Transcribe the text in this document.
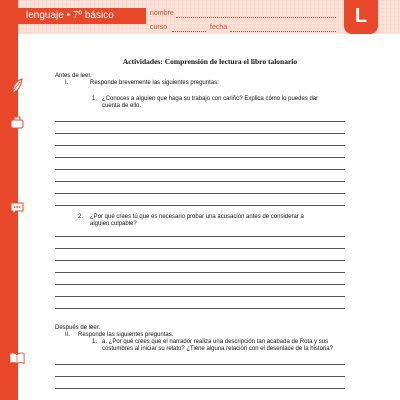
lenguaje • 7º básico	nombre
curso	fecha
L
Actividades: Comprensión de lectura el libro talonario
Antes de leer.
I.	Responde brevemente las siguientes preguntas:
1. ¿Conoces a alguien que haga su trabajo con cariño? Explica cómo lo puedes dar
cuenta de ello.
2. ¿Por qué crees tú que es necesario probar una acusación antes de considerar a
alguien culpable?
Después de leer.
II. Responde las siguientes preguntas.
1. a. ¿Por qué crees que el narrador realiza una descripción tan acabada de Rota y sus
costumbres al iniciar su relato? ¿Tiene alguna relación con el desenlace de la historia?
